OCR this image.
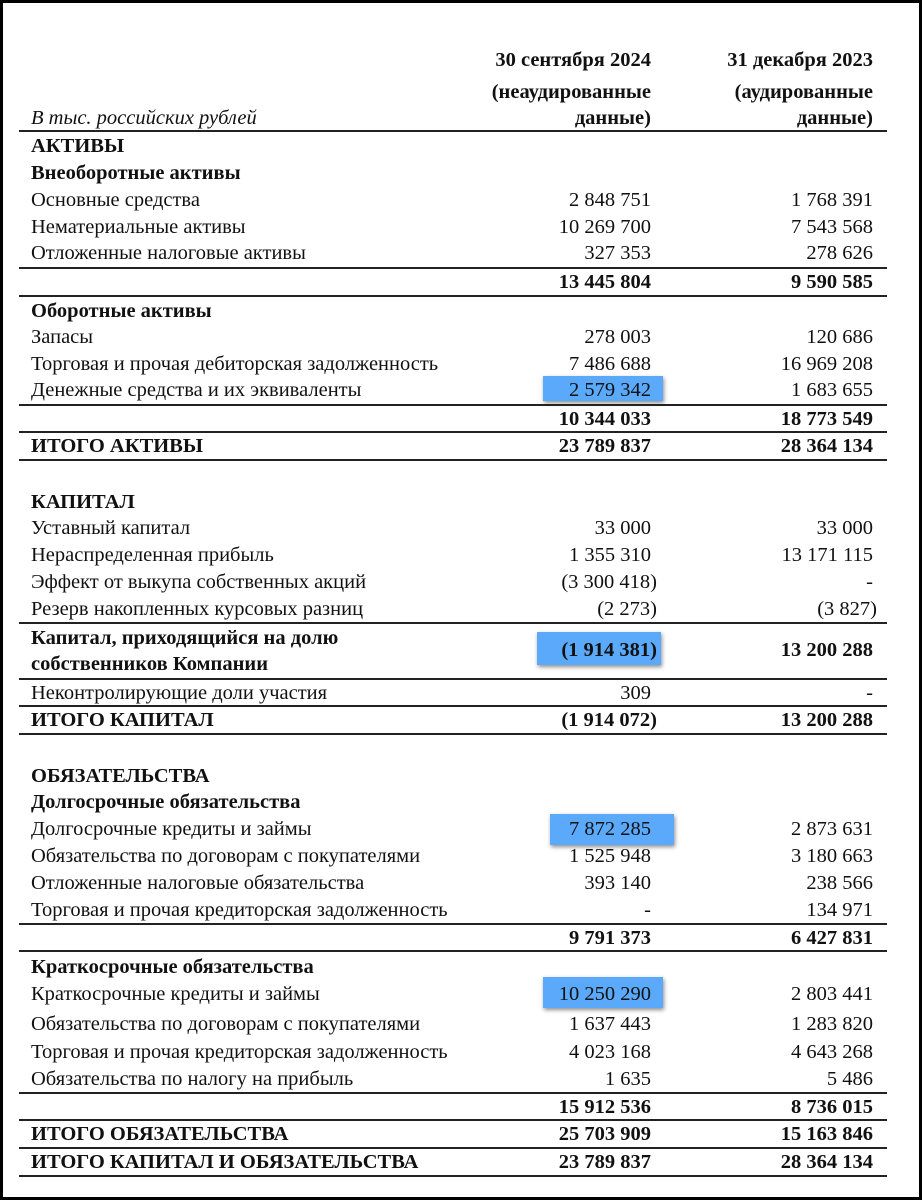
30 сентября 2024
(неаудированные
данные)
31 декабря 2023
(аудированные
данные)
В тыс. российских рублей
АКТИВЫ
Внеоборотные активы
Основные средства	2 848 751	1 768 391
Нематериальные активы	10 269 700	7 543 568
Отложенные налоговые активы	327 353	278 626
13 445 804	9 590 585
Оборотные активы
Запасы	278 003	120 686
Торговая и прочая дебиторская задолженность	7 486 688	16 969 208
Денежные средства и их эквиваленты	2 579 342	1 683 655
10 344 033	18 773 549
ИТОГО АКТИВЫ	23 789 837	28 364 134
КАПИТАЛ
Уставный капитал	33 000	33 000
Нераспределенная прибыль	1 355 310	13 171 115
Эффект от выкупа собственных акций	(3 300 418)	-
Резерв накопленных курсовых разниц	(2 273)	(3 827)
Капитал, приходящийся на долю
собственников Компании
(1 914 381)	13 200 288
Неконтролирующие доли участия	309	-
ИТОГО КАПИТАЛ	(1 914 072)	13 200 288
ОБЯЗАТЕЛЬСТВА
Долгосрочные обязательства
Долгосрочные кредиты и займы	7 872 285	2 873 631
Обязательства по договорам с покупателями	1 525 948	3 180 663
Отложенные налоговые обязательства	393 140	238 566
Торговая и прочая кредиторская задолженность	-	134 971
9 791 373	6 427 831
Краткосрочные обязательства
Краткосрочные кредиты и займы	10 250 290	2 803 441
Обязательства по договорам с покупателями	1 637 443	1 283 820
Торговая и прочая кредиторская задолженность	4 023 168	4 643 268
Обязательства по налогу на прибыль	1 635	5 486
15 912 536	8 736 015
ИТОГО ОБЯЗАТЕЛЬСТВА	25 703 909	15 163 846
ИТОГО КАПИТАЛ И ОБЯЗАТЕЛЬСТВА	23 789 837	28 364 134
